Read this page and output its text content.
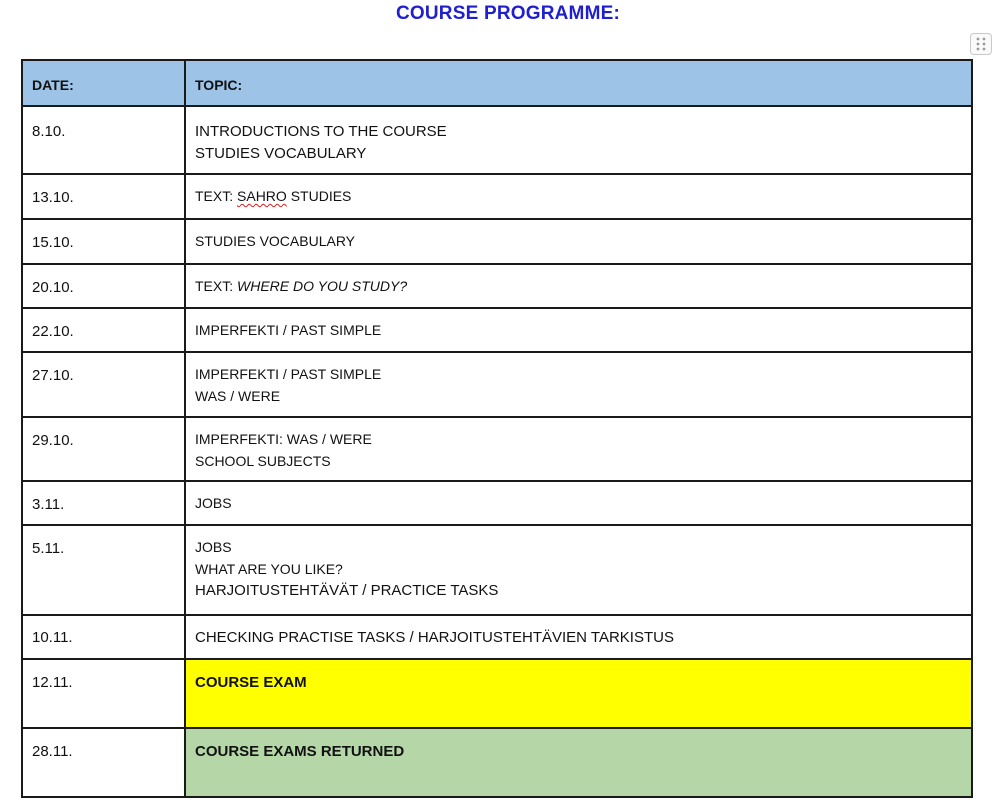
COURSE PROGRAMME:
DATE:	TOPIC:

8.10.	INTRODUCTIONS TO THE COURSE
STUDIES VOCABULARY

13.10.	TEXT: SAHRO STUDIES

15.10.	STUDIES VOCABULARY

20.10.	TEXT: WHERE DO YOU STUDY?

22.10.	IMPERFEKTI / PAST SIMPLE

27.10.	IMPERFEKTI / PAST SIMPLE
WAS / WERE

29.10.	IMPERFEKTI: WAS / WERE
SCHOOL SUBJECTS

3.11.	JOBS

5.11.	JOBS
WHAT ARE YOU LIKE?
HARJOITUSTEHTÄVÄT / PRACTICE TASKS

10.11.	CHECKING PRACTISE TASKS / HARJOITUSTEHTÄVIEN TARKISTUS

12.11.	COURSE EXAM

28.11.	COURSE EXAMS RETURNED
